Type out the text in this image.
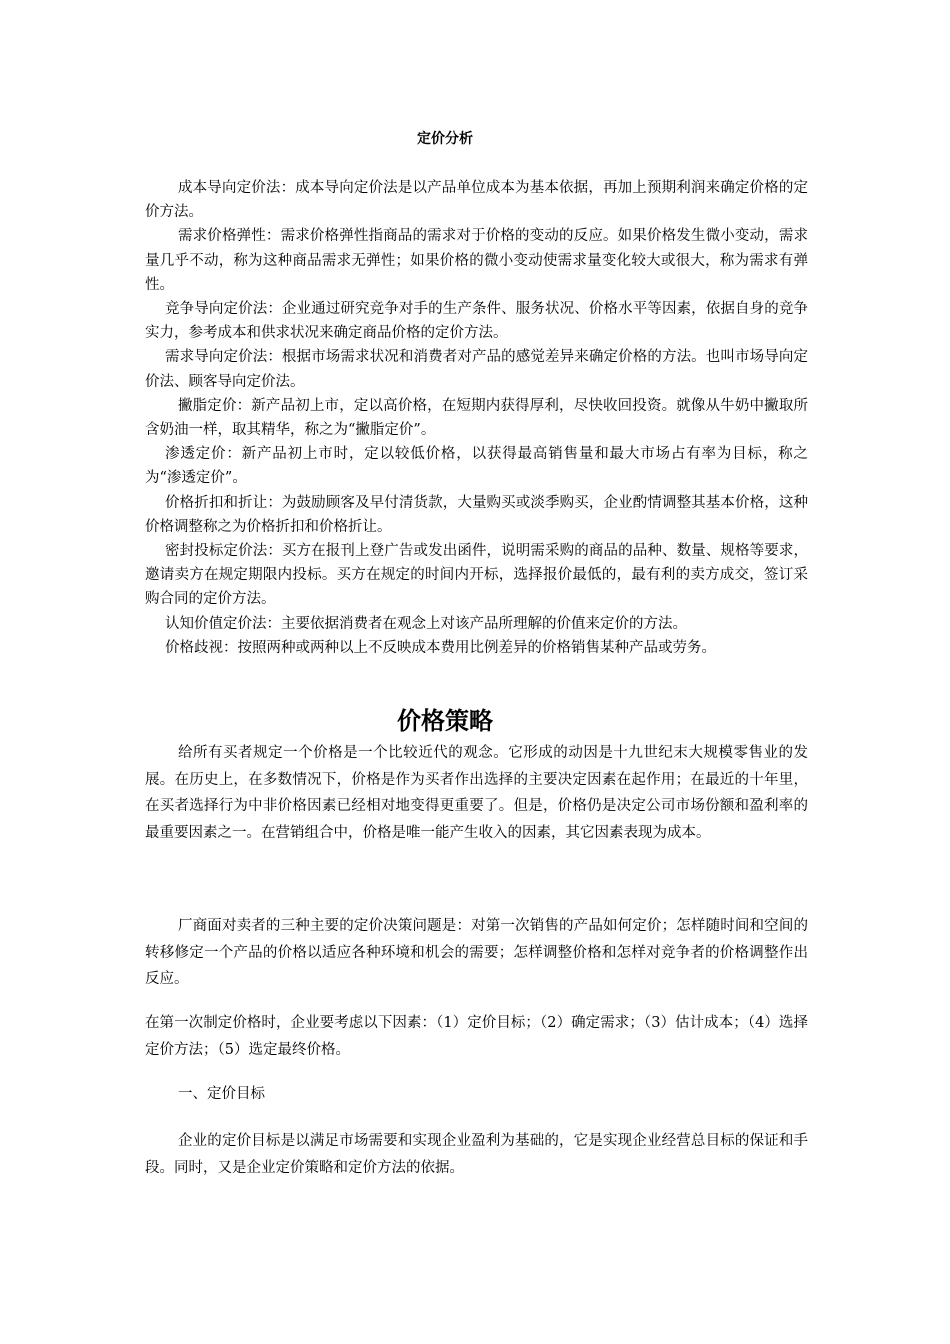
定价分析

成本导向定价法：成本导向定价法是以产品单位成本为基本依据，再加上预期利润来确定价格的定价方法。

需求价格弹性：需求价格弹性指商品的需求对于价格的变动的反应。如果价格发生微小变动，需求量几乎不动，称为这种商品需求无弹性；如果价格的微小变动使需求量变化较大或很大，称为需求有弹性。

竞争导向定价法：企业通过研究竞争对手的生产条件、服务状况、价格水平等因素，依据自身的竞争实力，参考成本和供求状况来确定商品价格的定价方法。

需求导向定价法：根据市场需求状况和消费者对产品的感觉差异来确定价格的方法。也叫市场导向定价法、顾客导向定价法。

撇脂定价：新产品初上市，定以高价格，在短期内获得厚利，尽快收回投资。就像从牛奶中撇取所含奶油一样，取其精华，称之为“撇脂定价”。

渗透定价：新产品初上市时，定以较低价格，以获得最高销售量和最大市场占有率为目标，称之为“渗透定价”。

价格折扣和折让：为鼓励顾客及早付清货款，大量购买或淡季购买，企业酌情调整其基本价格，这种价格调整称之为价格折扣和价格折让。

密封投标定价法：买方在报刊上登广告或发出函件，说明需采购的商品的品种、数量、规格等要求，邀请卖方在规定期限内投标。买方在规定的时间内开标，选择报价最低的，最有利的卖方成交，签订采购合同的定价方法。

认知价值定价法：主要依据消费者在观念上对该产品所理解的价值来定价的方法。

价格歧视：按照两种或两种以上不反映成本费用比例差异的价格销售某种产品或劳务。

价格策略

给所有买者规定一个价格是一个比较近代的观念。它形成的动因是十九世纪末大规模零售业的发展。在历史上，在多数情况下，价格是作为买者作出选择的主要决定因素在起作用；在最近的十年里，在买者选择行为中非价格因素已经相对地变得更重要了。但是，价格仍是决定公司市场份额和盈利率的最重要因素之一。在营销组合中，价格是唯一能产生收入的因素，其它因素表现为成本。

厂商面对卖者的三种主要的定价决策问题是：对第一次销售的产品如何定价；怎样随时间和空间的转移修定一个产品的价格以适应各种环境和机会的需要；怎样调整价格和怎样对竞争者的价格调整作出反应。

在第一次制定价格时，企业要考虑以下因素：（1）定价目标；（2）确定需求；（3）估计成本；（4）选择定价方法；（5）选定最终价格。

一、定价目标

企业的定价目标是以满足市场需要和实现企业盈利为基础的，它是实现企业经营总目标的保证和手段。同时，又是企业定价策略和定价方法的依据。
